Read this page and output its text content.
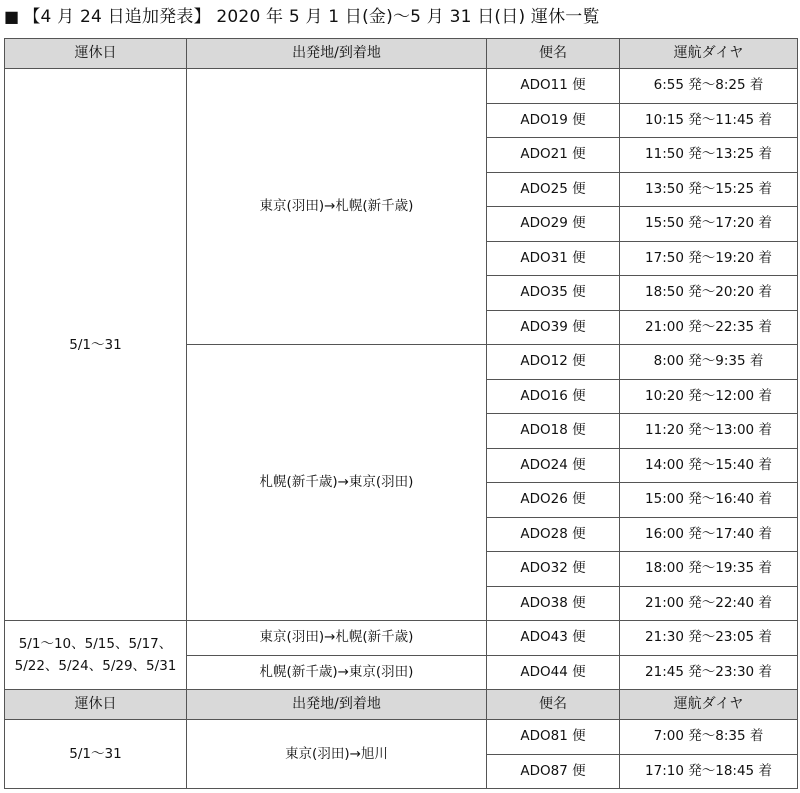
■ 【4 月 24 日追加発表】 2020 年 5 月 1 日(金)〜5 月 31 日(日) 運休一覧
運休日	出発地/到着地	便名	運航ダイヤ
5/1〜31	東京(羽田)→札幌(新千歳)	ADO11 便	6:55 発〜8:25 着
		ADO19 便	10:15 発〜11:45 着
		ADO21 便	11:50 発〜13:25 着
		ADO25 便	13:50 発〜15:25 着
		ADO29 便	15:50 発〜17:20 着
		ADO31 便	17:50 発〜19:20 着
		ADO35 便	18:50 発〜20:20 着
		ADO39 便	21:00 発〜22:35 着
	札幌(新千歳)→東京(羽田)	ADO12 便	8:00 発〜9:35 着
		ADO16 便	10:20 発〜12:00 着
		ADO18 便	11:20 発〜13:00 着
		ADO24 便	14:00 発〜15:40 着
		ADO26 便	15:00 発〜16:40 着
		ADO28 便	16:00 発〜17:40 着
		ADO32 便	18:00 発〜19:35 着
		ADO38 便	21:00 発〜22:40 着

5/1〜10、5/15、5/17、
5/22、5/24、5/29、5/31	東京(羽田)→札幌(新千歳)	ADO43 便	21:30 発〜23:05 着
	札幌(新千歳)→東京(羽田)	ADO44 便	21:45 発〜23:30 着
運休日	出発地/到着地	便名	運航ダイヤ
5/1〜31	東京(羽田)→旭川	ADO81 便	7:00 発〜8:35 着
		ADO87 便	17:10 発〜18:45 着
